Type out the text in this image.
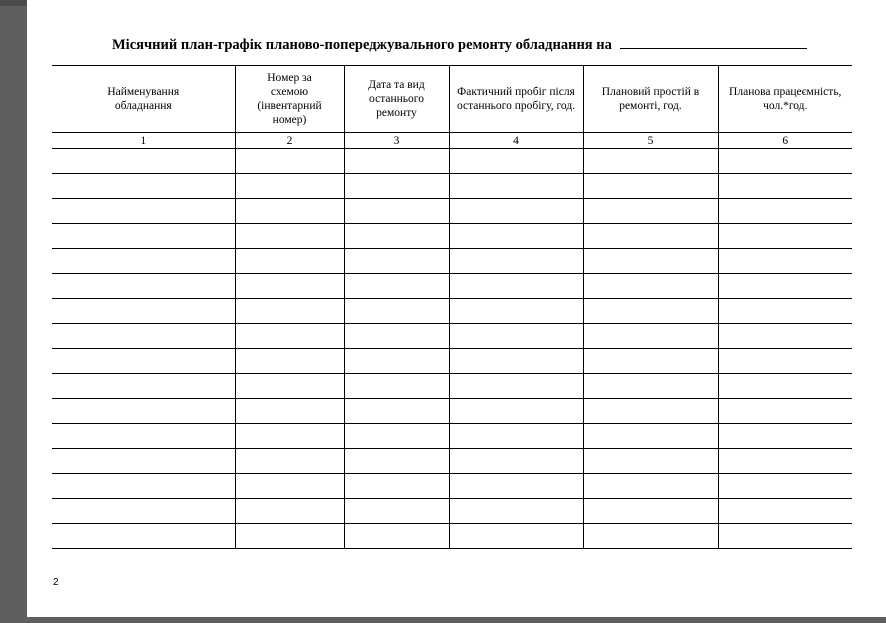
Місячний план-графік планово-попереджувального ремонту обладнання на
Найменування обладнання	Номер за схемою (інвентарний номер)	Дата та вид останнього ремонту	Фактичний пробіг після останнього пробігу, год.	Плановий простій в ремонті, год.	Планова працеємність, чол.*год.
1	2	3	4	5	6

2
